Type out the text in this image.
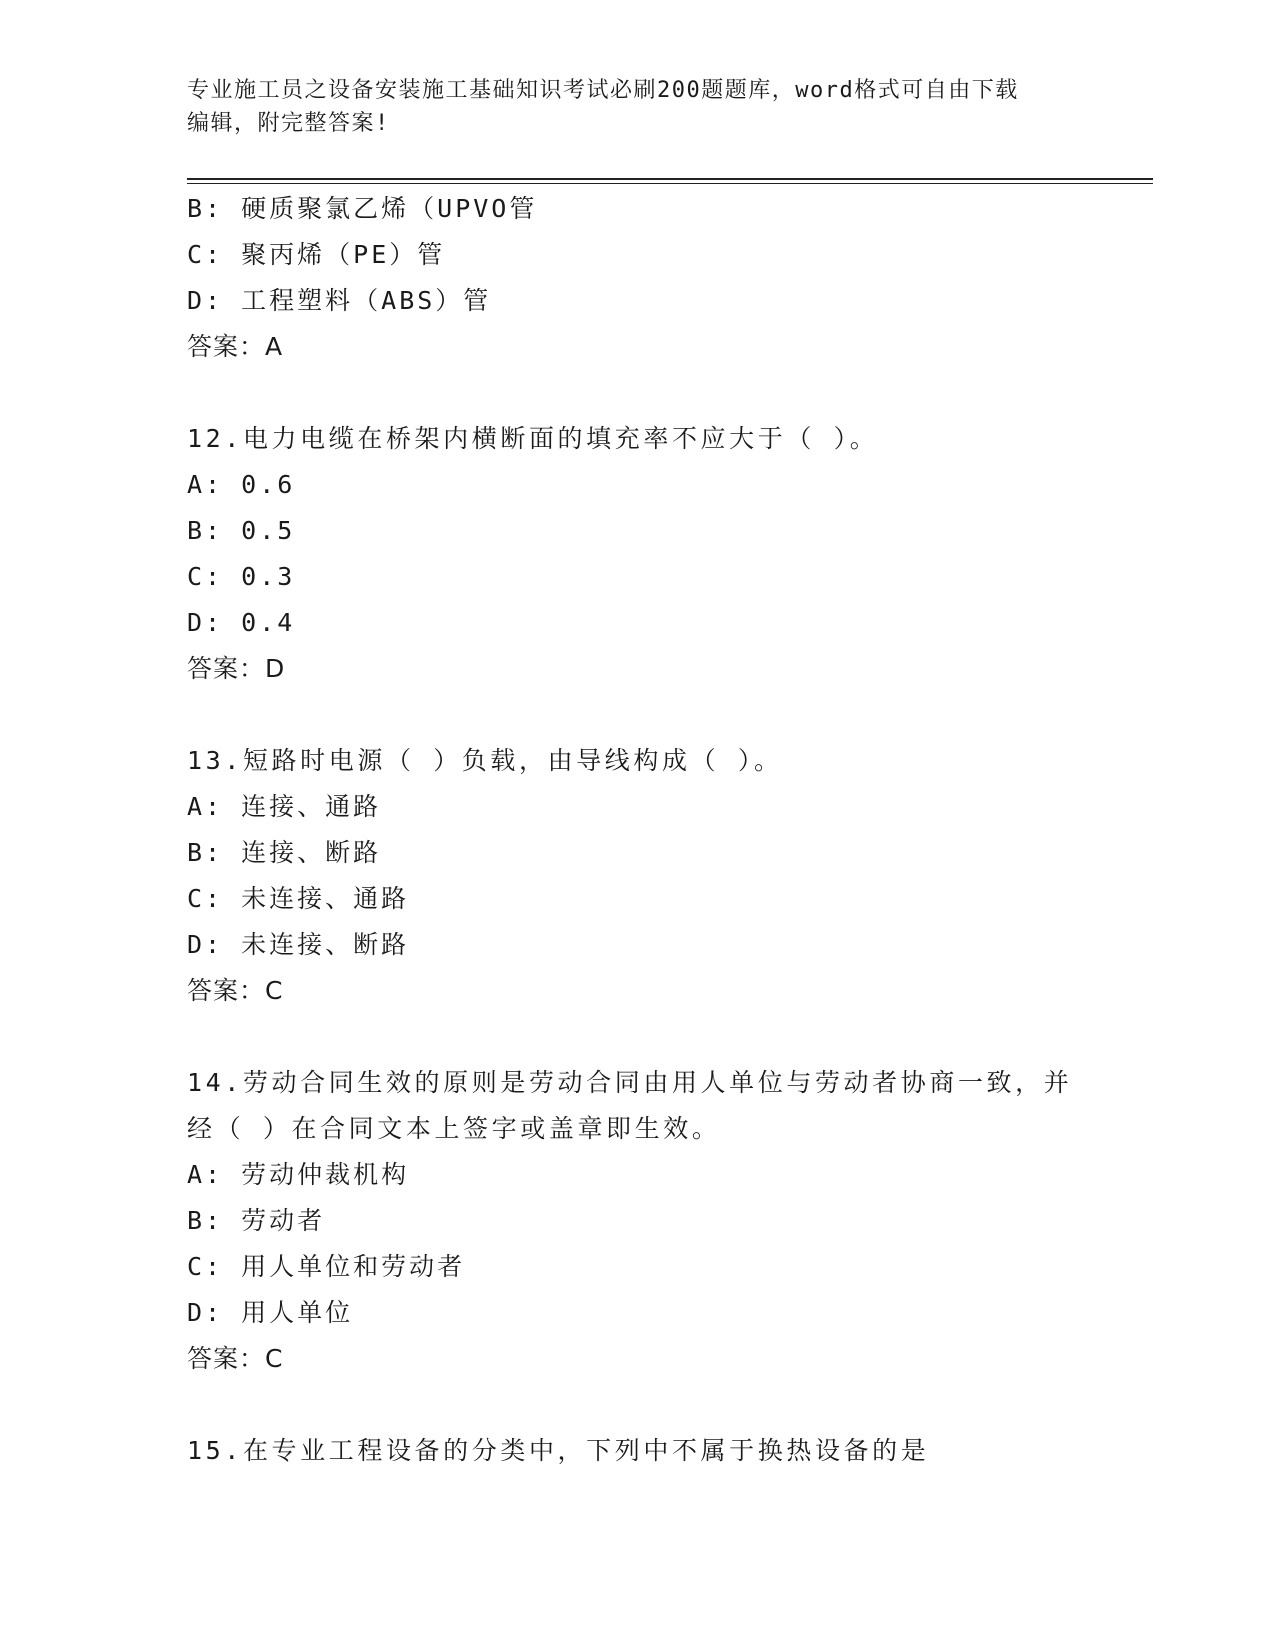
专业施工员之设备安装施工基础知识考试必刷200题题库，word格式可自由下载
编辑，附完整答案!
B: 硬质聚氯乙烯（UPVO管
C: 聚丙烯（PE）管
D: 工程塑料（ABS）管
答案：A
12.电力电缆在桥架内横断面的填充率不应大于（ ）。
A: 0.6
B: 0.5
C: 0.3
D: 0.4
答案：D
13.短路时电源（ ）负载，由导线构成（ ）。
A: 连接、通路
B: 连接、断路
C: 未连接、通路
D: 未连接、断路
答案：C
14.劳动合同生效的原则是劳动合同由用人单位与劳动者协商一致，并经（ ）在合同文本上签字或盖章即生效。
A: 劳动仲裁机构
B: 劳动者
C: 用人单位和劳动者
D: 用人单位
答案：C
15.在专业工程设备的分类中，下列中不属于换热设备的是
